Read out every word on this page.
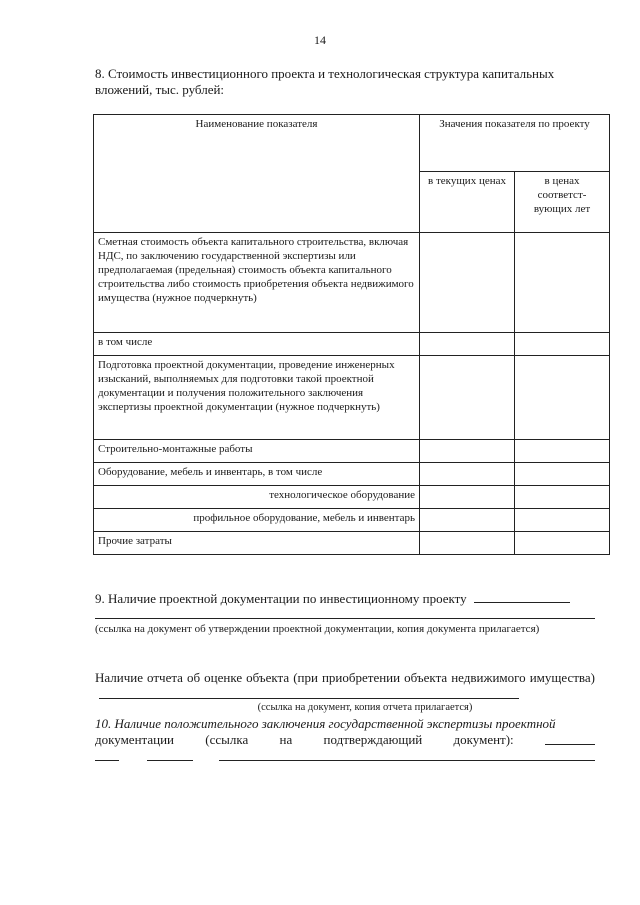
14
8. Стоимость инвестиционного проекта и технологическая структура капитальных вложений, тыс. рублей:
Наименование показателя	Значения показателя по проекту	
	в текущих ценах	в ценах соответст-вующих лет
Сметная стоимость объекта капитального строительства, включая НДС, по заключению государственной экспертизы или предполагаемая (предельная) стоимость объекта капитального строительства либо стоимость приобретения объекта недвижимого имущества (нужное подчеркнуть)		
в том числе		
Подготовка проектной документации, проведение инженерных изысканий, выполняемых для подготовки такой проектной документации и получения положительного заключения экспертизы проектной документации (нужное подчеркнуть)		
Строительно-монтажные работы		
Оборудование, мебель и инвентарь, в том числе		
технологическое оборудование		
профильное оборудование, мебель и инвентарь		
Прочие затраты		
9. Наличие проектной документации по инвестиционному проекту
(ссылка на документ об утверждении проектной документации, копия документа прилагается)
Наличие отчета об оценке объекта (при приобретении объекта недвижимого имущества)
(ссылка на документ, копия отчета прилагается)
10. Наличие положительного заключения государственной экспертизы проектной
документации (ссылка на подтверждающий документ):
